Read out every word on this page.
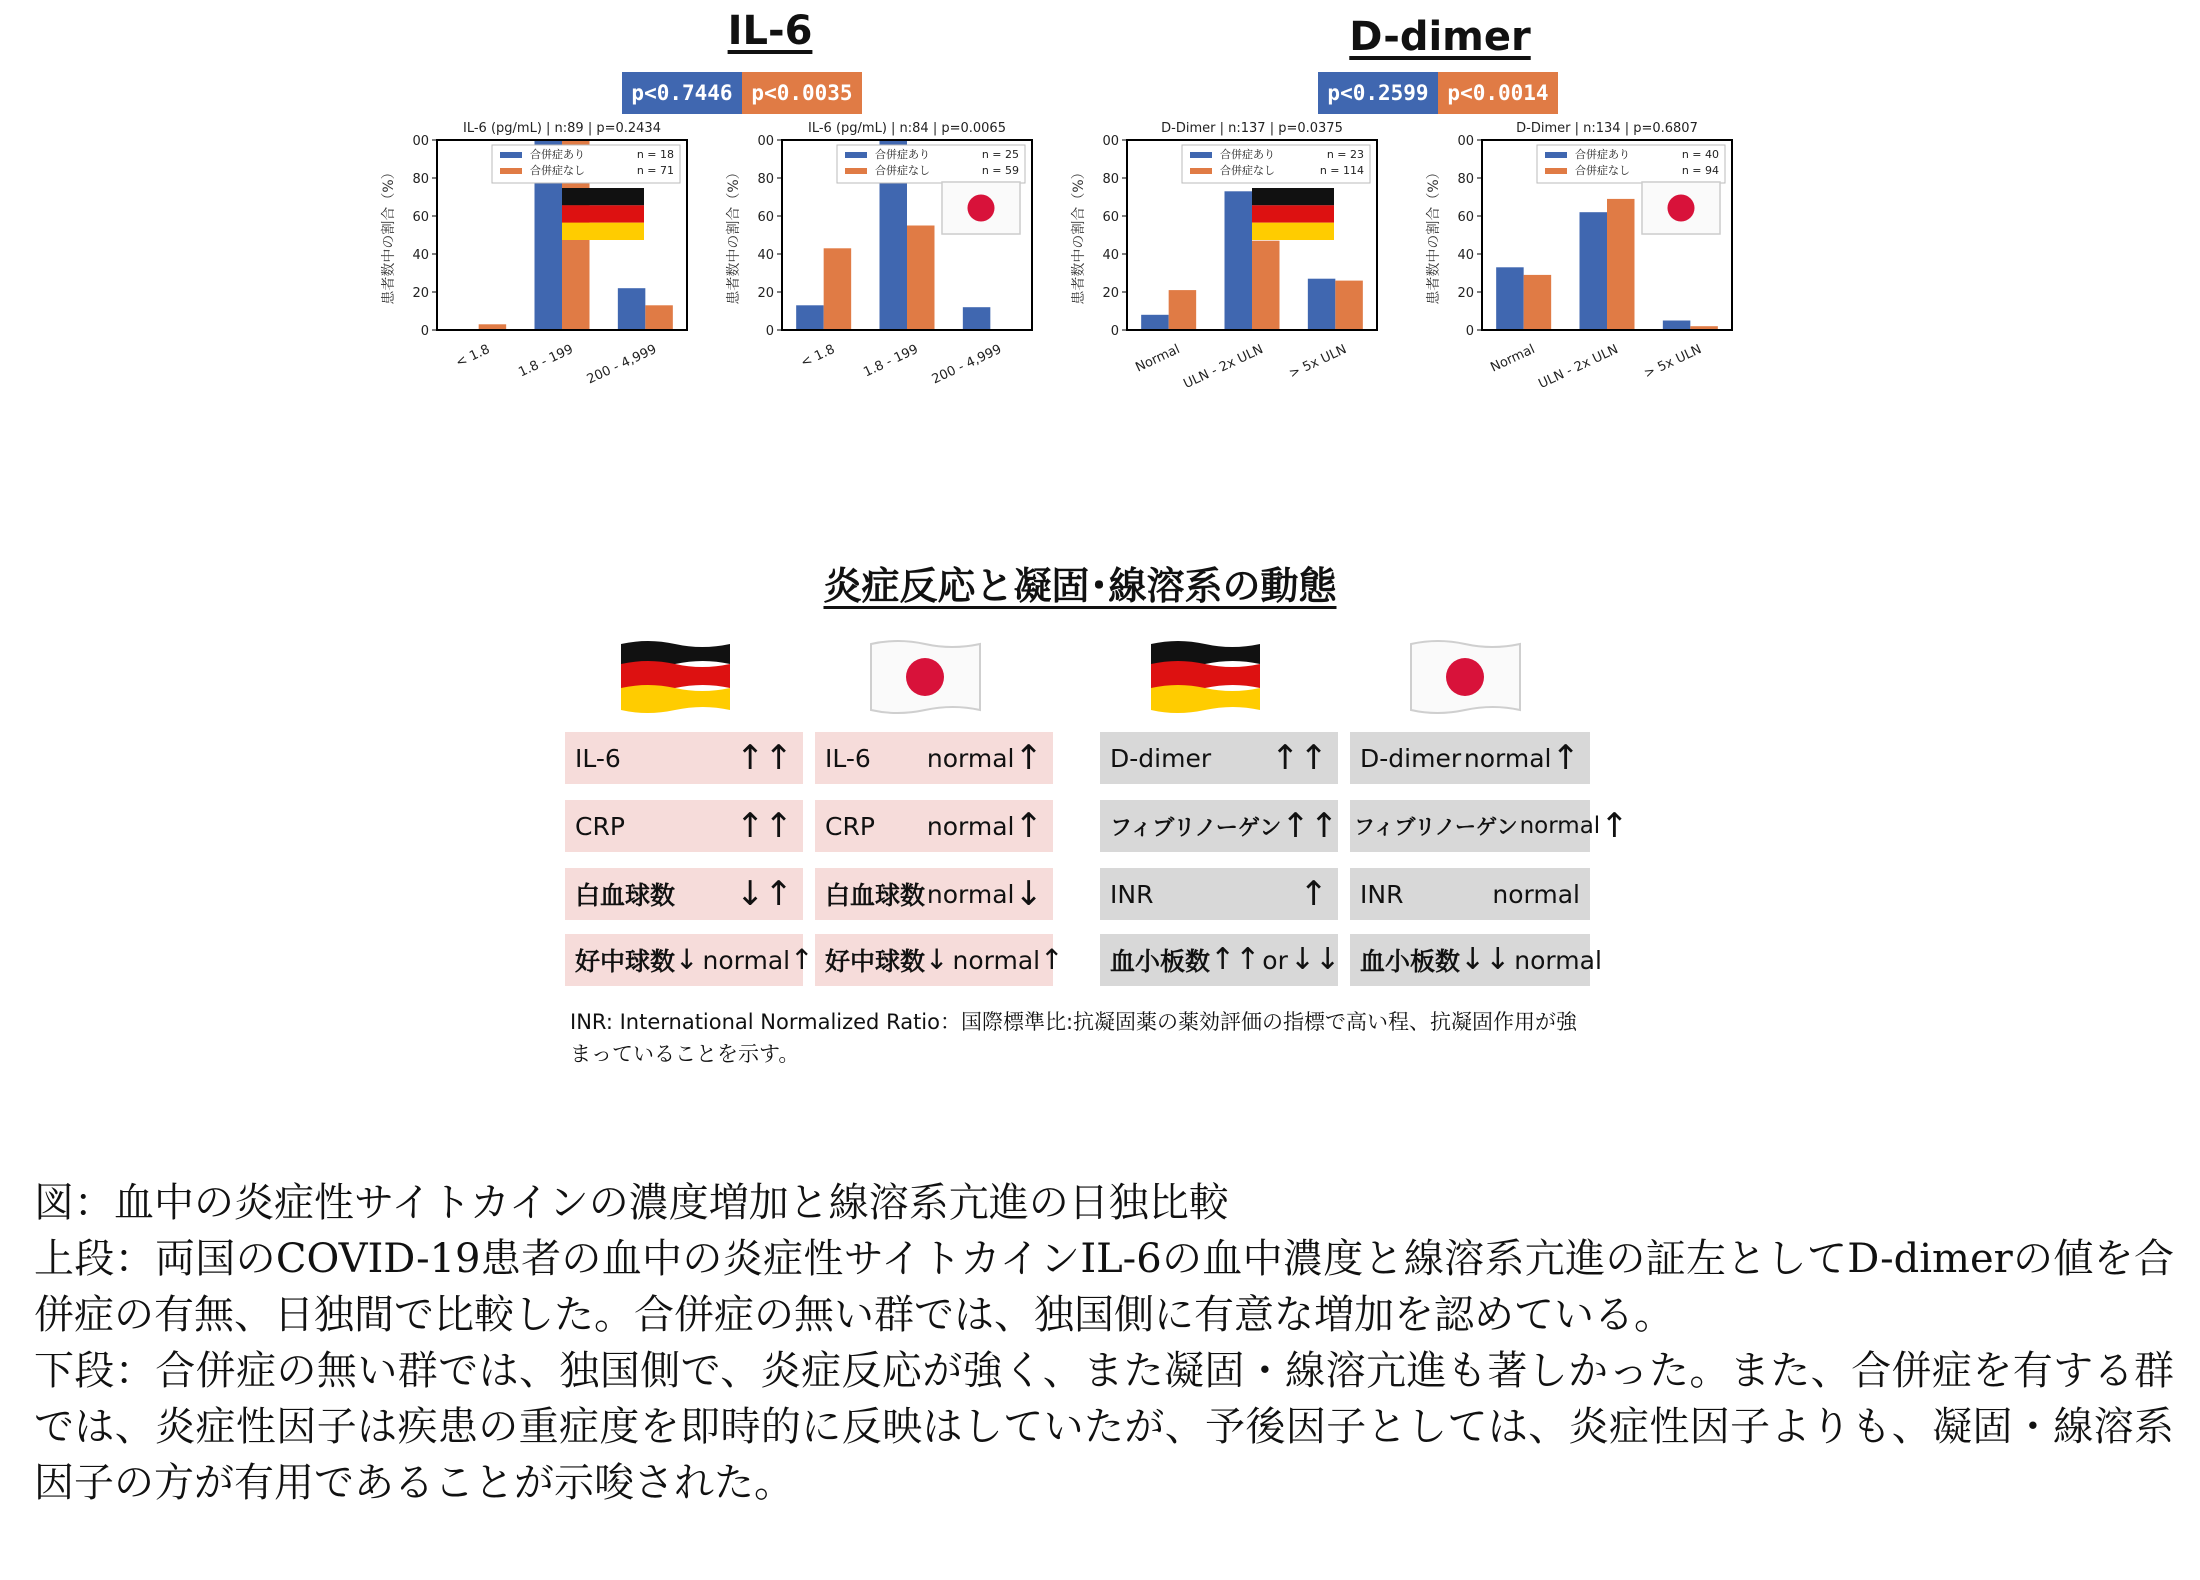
IL-6	D-dimer
p<0.7446 p<0.0035	p<0.2599 p<0.0014
IL-6 (pg/mL) | n:89 | p=0.2434
患者数中の割合（%）
0
20
40
60
80
00
< 1.8 1.8 - 199 200 - 4,999
合併症あり	n = 18
合併症なし	n = 71
IL-6 (pg/mL) | n:84 | p=0.0065
患者数中の割合（%）
0
20
40
60
80
00
< 1.8 1.8 - 199 200 - 4,999
合併症あり	n = 25
合併症なし	n = 59
D-Dimer | n:137 | p=0.0375
患者数中の割合（%）
0
20
40
60
80
00
Normal ULN - 2x ULN > 5x ULN
合併症あり	n = 23
合併症なし	n = 114
D-Dimer | n:134 | p=0.6807
患者数中の割合（%）
0
20
40
60
80
00
Normal ULN - 2x ULN > 5x ULN
合併症あり	n = 40
合併症なし	n = 94
炎症反応と凝固･線溶系の動態
IL-6	↑↑
CRP	↑↑
白血球数	↓↑
好中球数 ↓ normal ↑
IL-6	normal ↑
CRP	normal ↑
白血球数 normal ↓
好中球数 ↓ normal ↑
D-dimer	↑↑
フィブリノーゲン ↑↑
INR	↑
血小板数 ↑↑ or ↓↓
D-dimer normal ↑
フィブリノーゲン normal ↑
INR	normal
血小板数 ↓↓ normal
INR: International Normalized Ratio：国際標準比:抗凝固薬の薬効評価の指標で高い程、抗凝固作用が強まっていることを示す。
図：血中の炎症性サイトカインの濃度増加と線溶系亢進の日独比較
上段：両国のCOVID-19患者の血中の炎症性サイトカインIL-6の血中濃度と線溶系亢進の証左としてD-dimerの値を合併症の有無、日独間で比較した。合併症の無い群では、独国側に有意な増加を認めている。
下段：合併症の無い群では、独国側で、炎症反応が強く、また凝固・線溶亢進も著しかった。また、合併症を有する群では、炎症性因子は疾患の重症度を即時的に反映はしていたが、予後因子としては、炎症性因子よりも、凝固・線溶系因子の方が有用であることが示唆された。
